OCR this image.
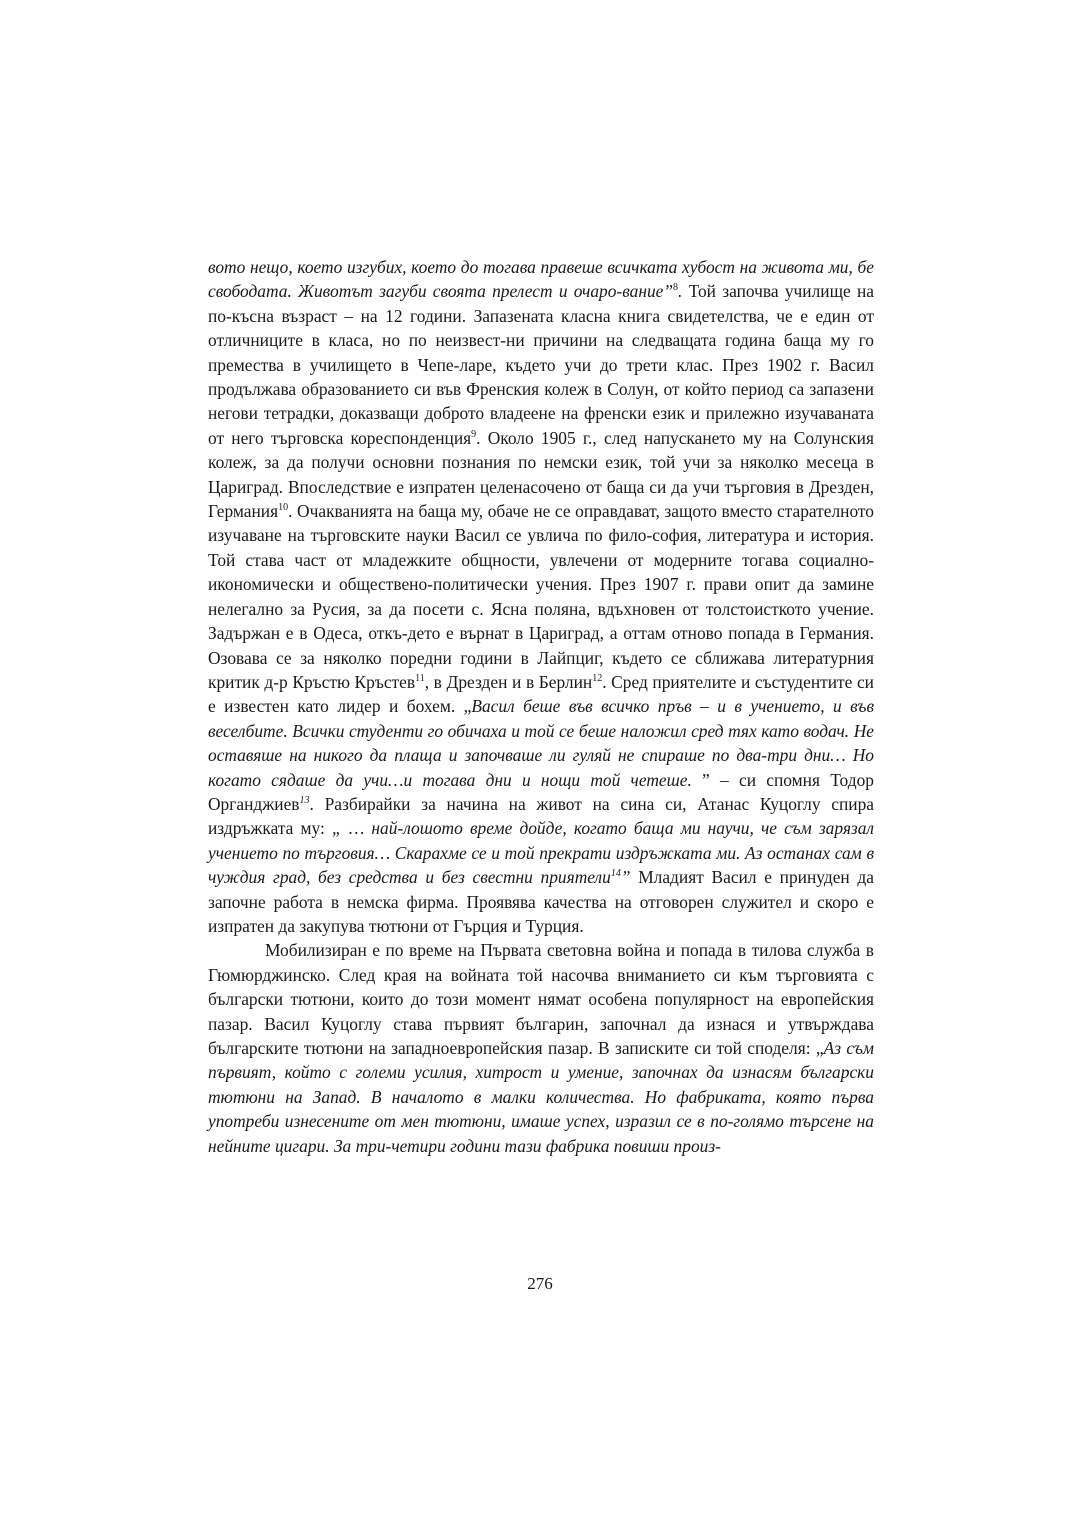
вото нещо, което изгубих, което до тогава правеше всичката хубост на живота ми, бе свободата. Животът загуби своята прелест и очаро-вание”$^8$. Той започва училище на по-късна възраст – на 12 години. Запазената класна книга свидетелства, че е един от отличниците в класа, но по неизвест-ни причини на следващата година баща му го премества в училището в Чепе-ларе, където учи до трети клас. През 1902 г. Васил продължава образованието си във Френския колеж в Солун, от който период са запазени негови тетрадки, доказващи доброто владеене на френски език и прилежно изучаваната от него търговска кореспонденция$^9$. Около 1905 г., след напускането му на Солунския колеж, за да получи основни познания по немски език, той учи за няколко месеца в Цариград. Впоследствие е изпратен целенасочено от баща си да учи търговия в Дрезден, Германия$^{10}$. Очакванията на баща му, обаче не се оправдават, защото вместо старателното изучаване на търговските науки Васил се увлича по фило-софия, литература и история. Той става част от младежките общности, увлечени от модерните тогава социално-икономически и обществено-политически учения. През 1907 г. прави опит да замине нелегално за Русия, за да посети с. Ясна поляна, вдъхновен от толстоисткото учение. Задържан е в Одеса, откъ-дето е върнат в Цариград, а оттам отново попада в Германия. Озовава се за няколко поредни години в Лайпциг, където се сближава литературния критик д-р Кръстю Кръстев$^{11}$, в Дрезден и в Берлин$^{12}$. Сред приятелите и състудентите си е известен като лидер и бохем. „Васил беше във всичко пръв – и в учението, и във веселбите. Всички студенти го обичаха и той се беше наложил сред тях като водач. Не оставяше на никого да плаща и започваше ли гуляй не спираше по два-три дни… Но когато сядаше да учи…и тогава дни и нощи той четеше. ” – си спомня Тодор Органджиев$^{13}$. Разбирайки за начина на живот на сина си, Атанас Куцоглу спира издръжката му: „ … най-лошото време дойде, когато баща ми научи, че съм зарязал учението по търговия… Скарахме се и той прекрати издръжката ми. Аз останах сам в чуждия град, без средства и без свестни приятели$^{14}$” Младият Васил е принуден да започне работа в немска фирма. Проявява качества на отговорен служител и скоро е изпратен да закупува тютюни от Гърция и Турция.

Мобилизиран е по време на Първата световна война и попада в тилова служба в Гюмюрджинско. След края на войната той насочва вниманието си към търговията с български тютюни, които до този момент нямат особена популярност на европейския пазар. Васил Куцоглу става първият българин, започнал да изнася и утвърждава българските тютюни на западноевропейския пазар. В записките си той споделя: „Аз съм първият, който с големи усилия, хитрост и умение, започнах да изнасям български тютюни на Запад. В началото в малки количества. Но фабриката, която първа употреби изнесените от мен тютюни, имаше успех, изразил се в по-голямо търсене на нейните цигари. За три-четири години тази фабрика повиши произ-

276
